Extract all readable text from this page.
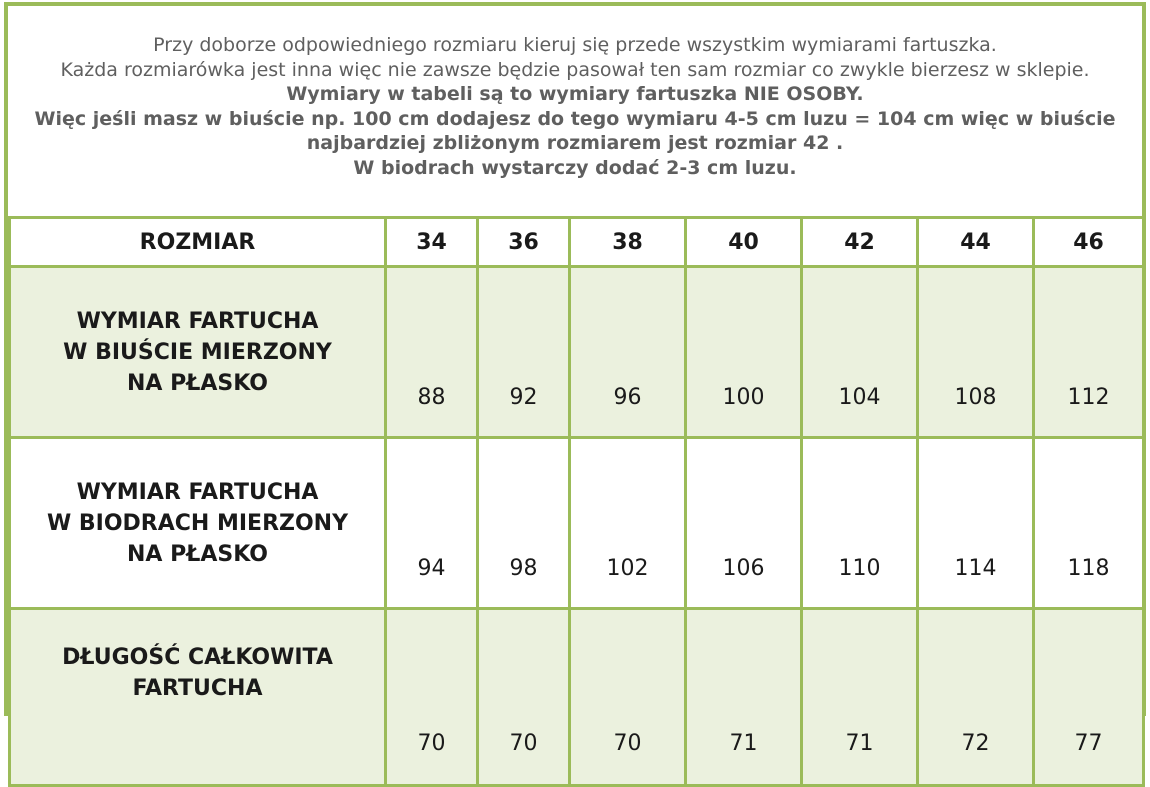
Przy doborze odpowiedniego rozmiaru kieruj się przede wszystkim wymiarami fartuszka.
Każda rozmiarówka jest inna więc nie zawsze będzie pasował ten sam rozmiar co zwykle bierzesz w sklepie.
Wymiary w tabeli są to wymiary fartuszka NIE OSOBY.
Więc jeśli masz w biuście np. 100 cm dodajesz do tego wymiaru 4-5 cm luzu = 104 cm więc w biuście
najbardziej zbliżonym rozmiarem jest rozmiar 42 .
W biodrach wystarczy dodać 2-3 cm luzu.
ROZMIAR	34	36	38	40	42	44	46

WYMIAR FARTUCHA
W BIUŚCIE MIERZONY
NA PŁASKO	88	92	96	100	104	108	112

WYMIAR FARTUCHA
W BIODRACH MIERZONY
NA PŁASKO	94	98	102	106	110	114	118

DŁUGOŚĆ CAŁKOWITA
FARTUCHA	70	70	70	71	71	72	77
